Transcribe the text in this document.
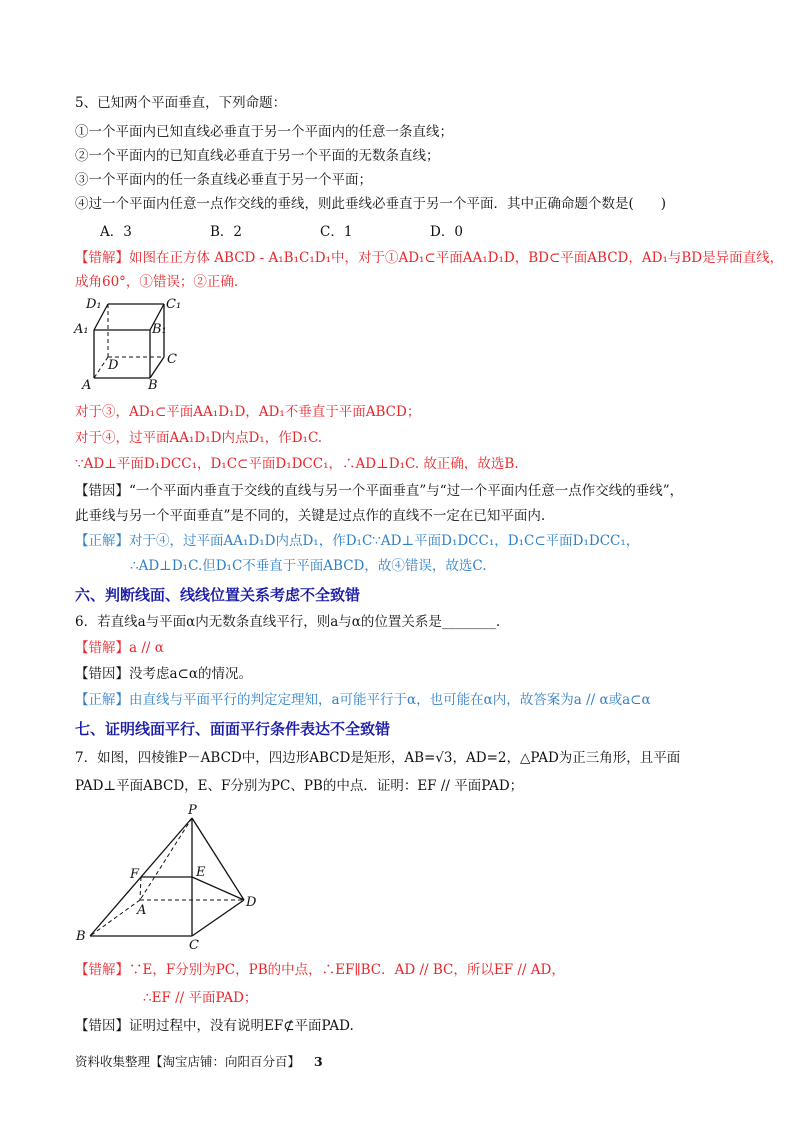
5、已知两个平面垂直，下列命题：
①一个平面内已知直线必垂直于另一个平面内的任意一条直线；
②一个平面内的已知直线必垂直于另一个平面的无数条直线；
③一个平面内的任一条直线必垂直于另一个平面；
④过一个平面内任意一点作交线的垂线，则此垂线必垂直于另一个平面．其中正确命题个数是(　　)
A．3	B．2	C．1	D．0
【错解】如图在正方体 ABCD - A₁B₁C₁D₁中，对于①AD₁⊂平面AA₁D₁D，BD⊂平面ABCD，AD₁与BD是异面直线，
成角60°，①错误；②正确．
D₁	C₁
A₁	B₁
D	C
A	B
对于③，AD₁⊂平面AA₁D₁D，AD₁不垂直于平面ABCD；
对于④，过平面AA₁D₁D内点D₁，作D₁C.
∵AD⊥平面D₁DCC₁，D₁C⊂平面D₁DCC₁，∴AD⊥D₁C. 故正确，故选B.
【错因】“一个平面内垂直于交线的直线与另一个平面垂直”与“过一个平面内任意一点作交线的垂线”，
此垂线与另一个平面垂直”是不同的，关键是过点作的直线不一定在已知平面内.
【正解】对于④，过平面AA₁D₁D内点D₁，作D₁C∵AD⊥平面D₁DCC₁，D₁C⊂平面D₁DCC₁，
∴AD⊥D₁C.但D₁C不垂直于平面ABCD，故④错误，故选C.
六、判断线面、线线位置关系考虑不全致错
6．若直线a与平面α内无数条直线平行，则a与α的位置关系是________.
【错解】a // α
【错因】没考虑a⊂α的情况。
【正解】由直线与平面平行的判定定理知，a可能平行于α，也可能在α内，故答案为a // α或a⊂α
七、证明线面平行、面面平行条件表达不全致错
7．如图，四棱锥P－ABCD中，四边形ABCD是矩形，AB=√3，AD=2，△PAD为正三角形，且平面
PAD⊥平面ABCD，E、F分别为PC、PB的中点．证明：EF // 平面PAD；
P
E
F
A
D
B
C
【错解】∵E，F分别为PC，PB的中点，∴EF∥BC．AD // BC，所以EF // AD，
∴EF // 平面PAD；
【错因】证明过程中，没有说明EF⊄平面PAD.
资料收集整理【淘宝店铺：向阳百分百】 3
